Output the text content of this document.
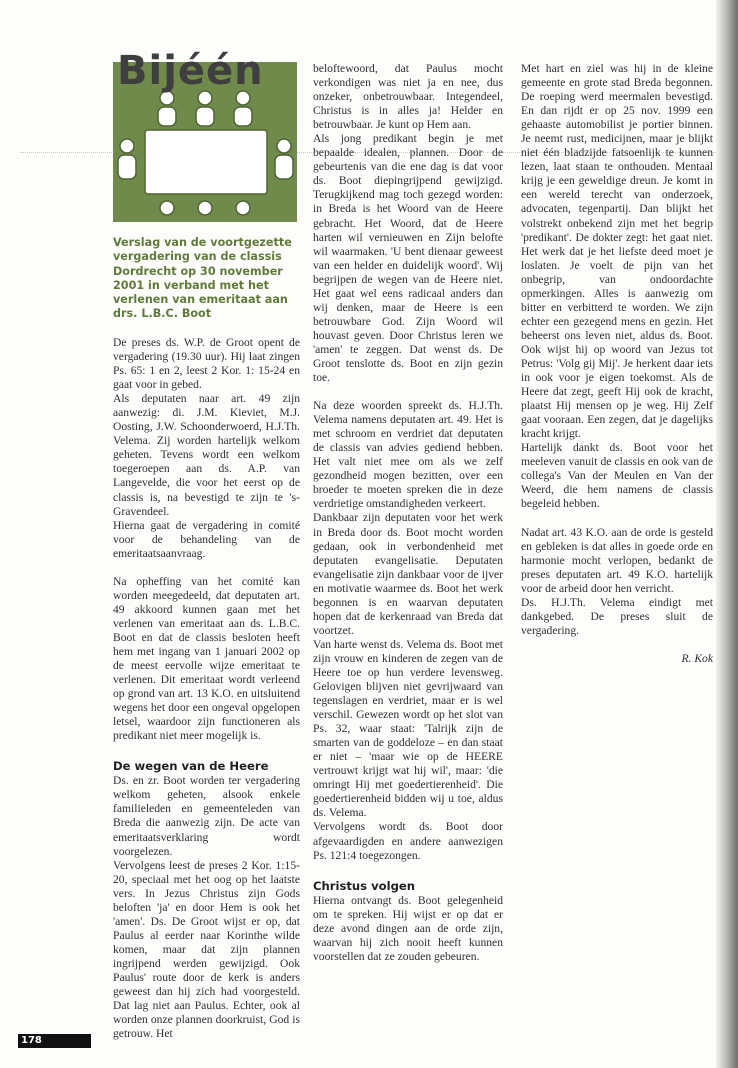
Bijéén
Verslag van de voortgezette vergadering van de classis Dordrecht op 30 november 2001 in verband met het verlenen van emeritaat aan drs. L.B.C. Boot

De preses ds. W.P. de Groot opent de vergadering (19.30 uur). Hij laat zingen Ps. 65: 1 en 2, leest 2 Kor. 1: 15-24 en gaat voor in gebed.

Als deputaten naar art. 49 zijn aanwezig: di. J.M. Kieviet, M.J. Oosting, J.W. Schoonderwoerd, H.J.Th. Velema. Zij worden hartelijk welkom geheten. Tevens wordt een welkom toegeroepen aan ds. A.P. van Langevelde, die voor het eerst op de classis is, na bevestigd te zijn te 's-Gravendeel.

Hierna gaat de vergadering in comité voor de behandeling van de emeritaatsaanvraag.

Na opheffing van het comité kan worden meegedeeld, dat deputaten art. 49 akkoord kunnen gaan met het verlenen van emeritaat aan ds. L.B.C. Boot en dat de classis besloten heeft hem met ingang van 1 januari 2002 op de meest eervolle wijze emeritaat te verlenen. Dit emeritaat wordt verleend op grond van art. 13 K.O. en uitsluitend wegens het door een ongeval opgelopen letsel, waardoor zijn functioneren als predikant niet meer mogelijk is.

De wegen van de Heere

Ds. en zr. Boot worden ter vergadering welkom geheten, alsook enkele familieleden en gemeenteleden van Breda die aanwezig zijn. De acte van emeritaatsverklaring wordt voorgelezen.

Vervolgens leest de preses 2 Kor. 1:15-20, speciaal met het oog op het laatste vers. In Jezus Christus zijn Gods beloften 'ja' en door Hem is ook het 'amen'. Ds. De Groot wijst er op, dat Paulus al eerder naar Korinthe wilde komen, maar dat zijn plannen ingrijpend werden gewijzigd. Ook Paulus' route door de kerk is anders geweest dan hij zich had voorgesteld. Dat lag niet aan Paulus. Echter, ook al worden onze plannen doorkruist, God is getrouw. Het

beloftewoord, dat Paulus mocht verkondigen was niet ja en nee, dus onzeker, onbetrouwbaar. Integendeel, Christus is in alles ja! Helder en betrouwbaar. Je kunt op Hem aan.

Als jong predikant begin je met bepaalde idealen, plannen. Door de gebeurtenis van die ene dag is dat voor ds. Boot diepingrijpend gewijzigd. Terugkijkend mag toch gezegd worden: in Breda is het Woord van de Heere gebracht. Het Woord, dat de Heere harten wil vernieuwen en Zijn belofte wil waarmaken. 'U bent dienaar geweest van een helder en duidelijk woord'. Wij begrijpen de wegen van de Heere niet. Het gaat wel eens radicaal anders dan wij denken, maar de Heere is een betrouwbare God. Zijn Woord wil houvast geven. Door Christus leren we 'amen' te zeggen. Dat wenst ds. De Groot tenslotte ds. Boot en zijn gezin toe.

Na deze woorden spreekt ds. H.J.Th. Velema namens deputaten art. 49. Het is met schroom en verdriet dat deputaten de classis van advies gediend hebben. Het valt niet mee om als we zelf gezondheid mogen bezitten, over een broeder te moeten spreken die in deze verdrietige omstandigheden verkeert.

Dankbaar zijn deputaten voor het werk in Breda door ds. Boot mocht worden gedaan, ook in verbondenheid met deputaten evangelisatie. Deputaten evangelisatie zijn dankbaar voor de ijver en motivatie waarmee ds. Boot het werk begonnen is en waarvan deputaten hopen dat de kerkenraad van Breda dat voortzet.

Van harte wenst ds. Velema ds. Boot met zijn vrouw en kinderen de zegen van de Heere toe op hun verdere levensweg. Gelovigen blijven niet gevrijwaard van tegenslagen en verdriet, maar er is wel verschil. Gewezen wordt op het slot van Ps. 32, waar staat: 'Talrijk zijn de smarten van de goddeloze – en dan staat er niet – 'maar wie op de HEERE vertrouwt krijgt wat hij wil', maar: 'die omringt Hij met goedertierenheid'. Die goedertierenheid bidden wij u toe, aldus ds. Velema.

Vervolgens wordt ds. Boot door afgevaardigden en andere aanwezigen Ps. 121:4 toegezongen.

Christus volgen

Hierna ontvangt ds. Boot gelegenheid om te spreken. Hij wijst er op dat er deze avond dingen aan de orde zijn, waarvan hij zich nooit heeft kunnen voorstellen dat ze zouden gebeuren.

Met hart en ziel was hij in de kleine gemeente en grote stad Breda begonnen. De roeping werd meermalen bevestigd. En dan rijdt er op 25 nov. 1999 een gehaaste automobilist je portier binnen. Je neemt rust, medicijnen, maar je blijkt niet één bladzijde fatsoenlijk te kunnen lezen, laat staan te onthouden. Mentaal krijg je een geweldige dreun. Je komt in een wereld terecht van onderzoek, advocaten, tegenpartij. Dan blijkt het volstrekt onbekend zijn met het begrip 'predikant'. De dokter zegt: het gaat niet. Het werk dat je het liefste deed moet je loslaten. Je voelt de pijn van het onbegrip, van ondoordachte opmerkingen. Alles is aanwezig om bitter en verbitterd te worden. We zijn echter een gezegend mens en gezin. Het beheerst ons leven niet, aldus ds. Boot. Ook wijst hij op woord van Jezus tot Petrus: 'Volg gij Mij'. Je herkent daar iets in ook voor je eigen toekomst. Als de Heere dat zegt, geeft Hij ook de kracht, plaatst Hij mensen op je weg. Hij Zelf gaat vooraan. Een zegen, dat je dagelijks kracht krijgt.

Hartelijk dankt ds. Boot voor het meeleven vanuit de classis en ook van de collega's Van der Meulen en Van der Weerd, die hem namens de classis begeleid hebben.

Nadat art. 43 K.O. aan de orde is gesteld en gebleken is dat alles in goede orde en harmonie mocht verlopen, bedankt de preses deputaten art. 49 K.O. hartelijk voor de arbeid door hen verricht.

Ds. H.J.Th. Velema eindigt met dankgebed. De preses sluit de vergadering.

R. Kok

178
